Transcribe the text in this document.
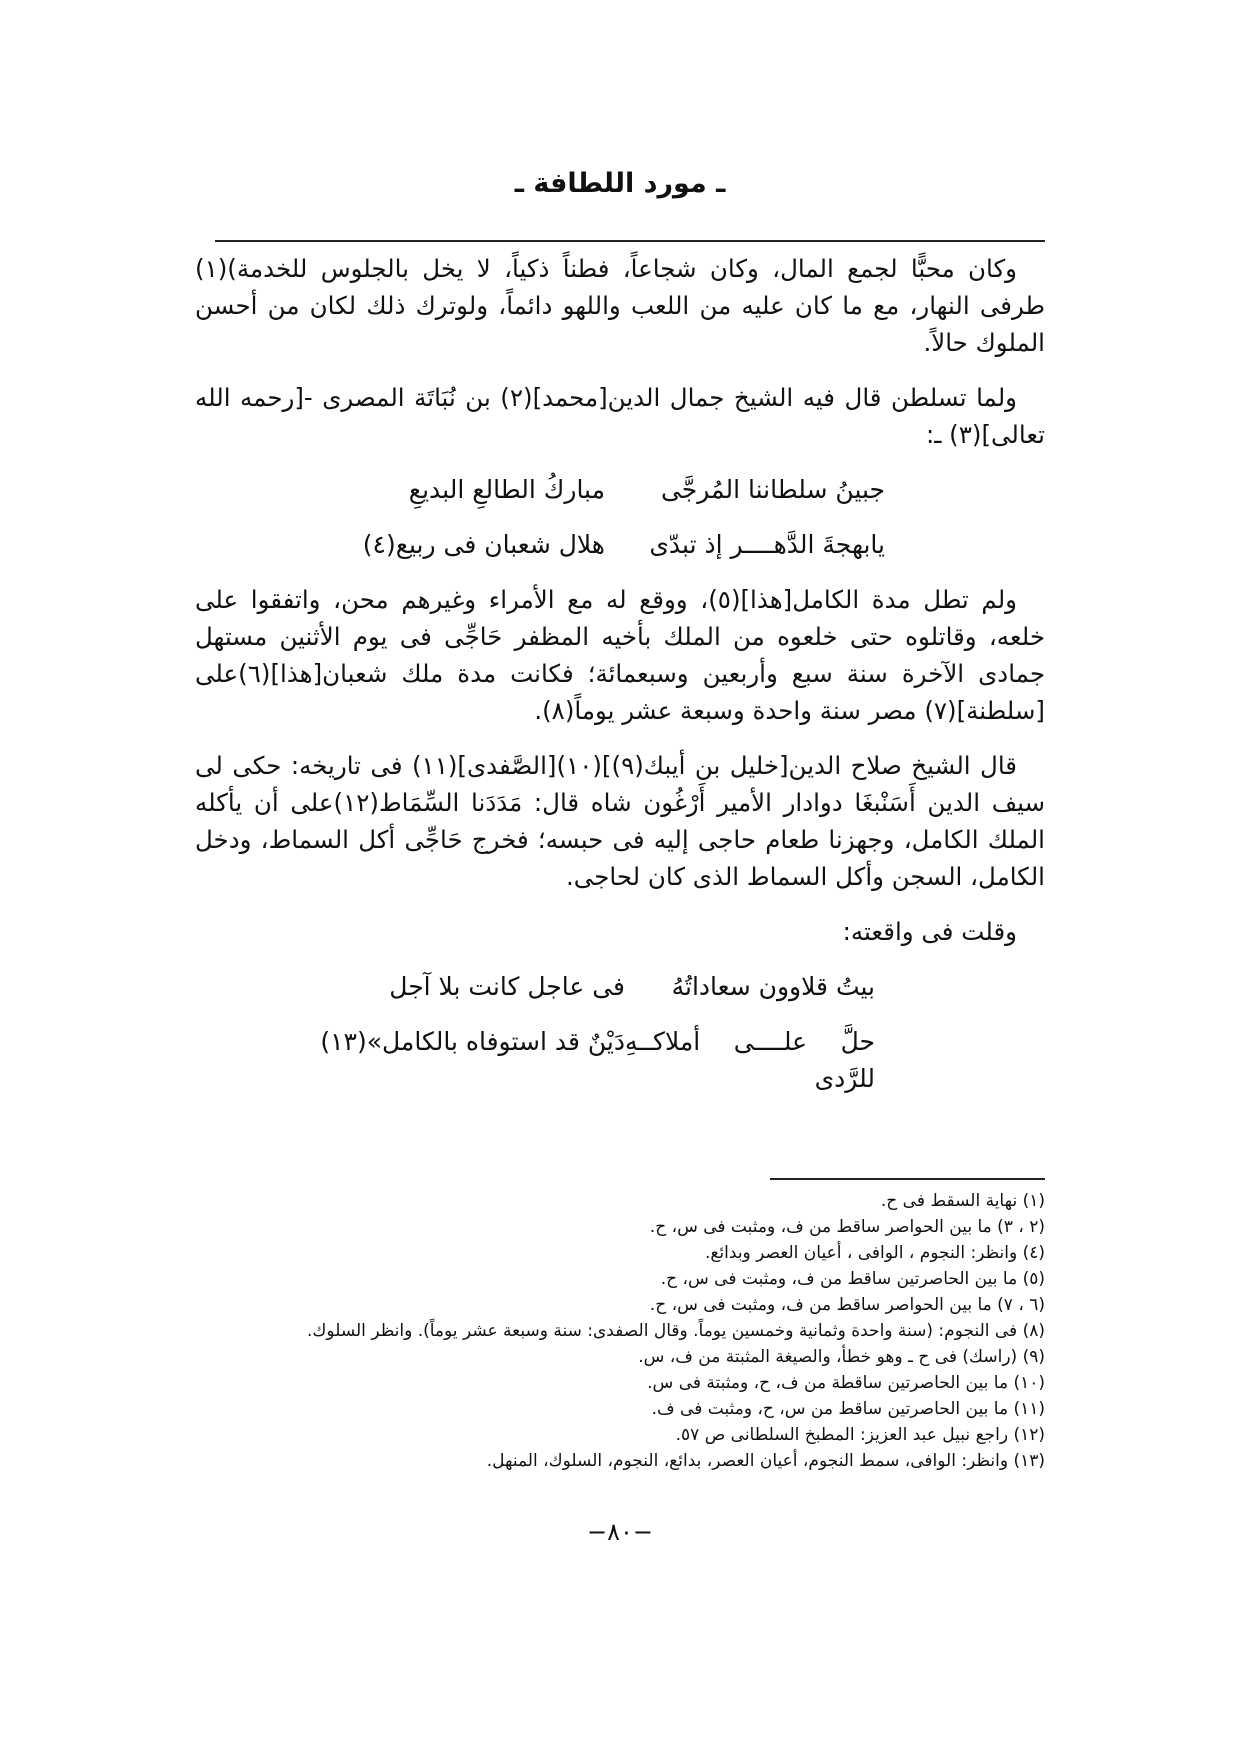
ـ مورد اللطافة ـ

وكان محبًّا لجمع المال، وكان شجاعاً، فطناً ذكياً، لا يخل بالجلوس للخدمة)(١) طرفى النهار، مع ما كان عليه من اللعب واللهو دائماً، ولوترك ذلك لكان من أحسن الملوك حالاً.

ولما تسلطن قال فيه الشيخ جمال الدين[محمد](٢) بن نُبَاتَة المصرى -[رحمه الله تعالى](٣) ـ:

جبينُ سلطاننا المُرجَّى
مباركُ الطالعِ البديعِ
يابهجةَ الدَّهــــر إذ تبدّى
هلال شعبان فى ربيع(٤)

ولم تطل مدة الكامل[هذا](٥)، ووقع له مع الأمراء وغيرهم محن، واتفقوا على خلعه، وقاتلوه حتى خلعوه من الملك بأخيه المظفر حَاجِّى فى يوم الأثنين مستهل جمادى الآخرة سنة سبع وأربعين وسبعمائة؛ فكانت مدة ملك شعبان[هذا](٦)على [سلطنة](٧) مصر سنة واحدة وسبعة عشر يوماً(٨).

قال الشيخ صلاح الدين[خليل بن أيبك(٩)](١٠)[الصَّفدى](١١) فى تاريخه: حكى لى سيف الدين أَسَنْبغَا دوادار الأمير أَرْغُون شاه قال: مَدَدَنا السِّمَاط(١٢)على أن يأكله الملك الكامل، وجهزنا طعام حاجى إليه فى حبسه؛ فخرج حَاجِّى أكل السماط، ودخل الكامل، السجن وأكل السماط الذى كان لحاجى.

وقلت فى واقعته:

بيتُ قلاوون سعاداتُهُ
فى عاجل كانت بلا آجل
حلَّ علــــى أملاكــهِ للرَّدى
دَيْنٌ قد استوفاه بالكامل»(١٣)

(١) نهاية السقط فى ح.

(٢ ، ٣) ما بين الحواصر ساقط من ف، ومثبت فى س، ح.

(٤) وانظر: النجوم ، الوافى ، أعيان العصر وبدائع.

(٥) ما بين الحاصرتين ساقط من ف، ومثبت فى س، ح.

(٦ ، ٧) ما بين الحواصر ساقط من ف، ومثبت فى س، ح.

(٨) فى النجوم: (سنة واحدة وثمانية وخمسين يوماً. وقال الصفدى: سنة وسبعة عشر يوماً). وانظر السلوك.

(٩) (راسك) فى ح ـ وهو خطأ، والصيغة المثبتة من ف، س.

(١٠) ما بين الحاصرتين ساقطة من ف، ح، ومثبتة فى س.

(١١) ما بين الحاصرتين ساقط من س، ح، ومثبت فى ف.

(١٢) راجع نبيل عبد العزيز: المطبخ السلطانى ص ٥٧.

(١٣) وانظر: الوافى، سمط النجوم، أعيان العصر، بدائع، النجوم، السلوك، المنهل.

−٨٠−
